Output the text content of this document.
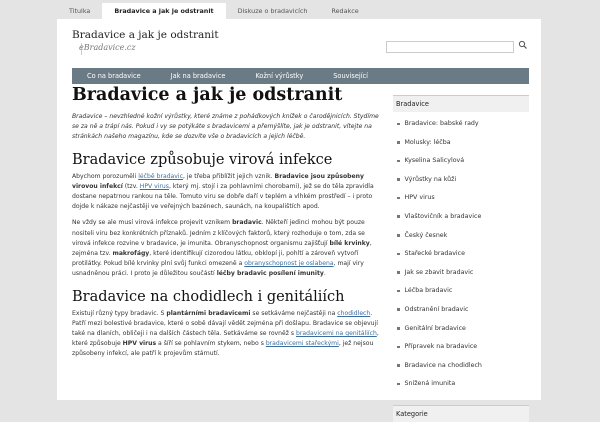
Titulka	Bradavice a jak je odstranit	Diskuze o bradavicích	Redakce
Bradavice a jak je odstranit
eBradavice.cz
Co na bradavice	Jak na bradavice	Kožní výrůstky	Související
Bradavice a jak je odstranit

Bradavice – nevzhledné kožní výrůstky, které známe z pohádkových knížek o čarodějnicích. Stydíme se za ně a trápí nás. Pokud i vy se potýkáte s bradavicemi a přemýšlíte, jak je odstranit, vítejte na stránkách našeho magazínu, kde se dozvíte vše o bradavicích a jejich léčbě.

Bradavice způsobuje virová infekce

Abychom porozuměli léčbě bradavic, je třeba přiblížit jejich vznik. Bradavice jsou způsobeny virovou infekcí (tzv. HPV virus, který mj. stojí i za pohlavními chorobami), jež se do těla zpravidla dostane nepatrnou rankou na těle. Tomuto viru se dobře daří v teplém a vlhkém prostředí – i proto dojde k nákaze nejčastěji ve veřejných bazénech, saunách, na koupalištích apod.

Ne vždy se ale musí virová infekce projevit vznikem bradavic. Někteří jedinci mohou být pouze nositeli viru bez konkrétních příznaků. Jedním z klíčových faktorů, který rozhoduje o tom, zda se virová infekce rozvine v bradavice, je imunita. Obranyschopnost organismu zajišťují bílé krvinky, zejména tzv. makrofágy, které identifikují cizorodou látku, obklopí ji, pohltí a zároveň vytvoří protilátky. Pokud bílé krvinky plní svůj funkci omezeně a obranyschopnost je oslabena, mají viry usnadněnou práci. I proto je důležitou součástí léčby bradavic posílení imunity.

Bradavice na chodidlech i genitáliích

Existují různý typy bradavic. S plantárními bradavicemi se setkáváme nejčastěji na chodidlech. Patří mezi bolestivé bradavice, které o sobě dávají vědět zejména při došlapu. Bradavice se objevují také na dlaních, obličeji i na dalších částech těla. Setkáváme se rovněž s bradavicemi na genitáliích, které způsobuje HPV virus a šíří se pohlavním stykem, nebo s bradavicemi stařeckými, jež nejsou způsobeny infekcí, ale patří k projevům stárnutí.

Bradavice
Bradavice: babské rady
Molusky: léčba
Kyselina Salicylová
Výrůstky na kůži
HPV virus
Vlaštovičník a bradavice
Český česnek
Stařecké bradavice
Jak se zbavit bradavic
Léčba bradavic
Odstranění bradavic
Genitální bradavice
Přípravek na bradavice
Bradavice na chodidlech
Snížená imunita
Kategorie
